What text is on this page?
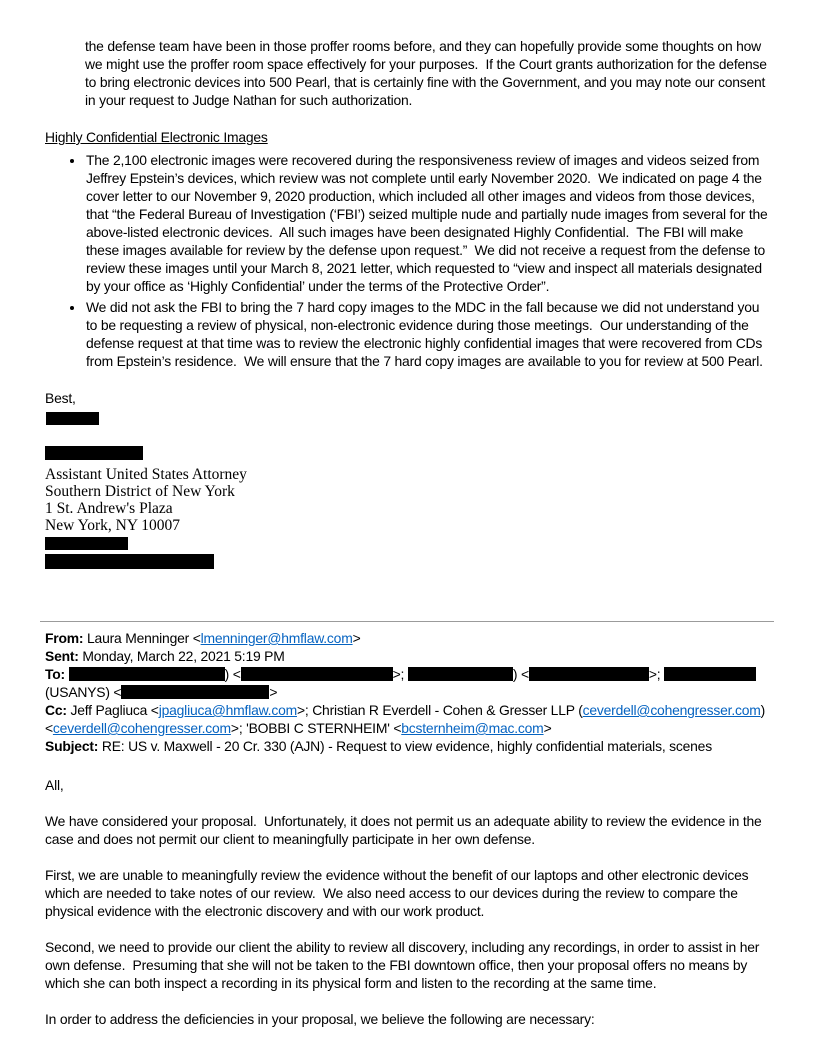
the defense team have been in those proffer rooms before, and they can hopefully provide some thoughts on how we might use the proffer room space effectively for your purposes.  If the Court grants authorization for the defense to bring electronic devices into 500 Pearl, that is certainly fine with the Government, and you may note our consent in your request to Judge Nathan for such authorization.

Highly Confidential Electronic Images
• The 2,100 electronic images were recovered during the responsiveness review of images and videos seized from Jeffrey Epstein’s devices, which review was not complete until early November 2020.  We indicated on page 4 the cover letter to our November 9, 2020 production, which included all other images and videos from those devices, that “the Federal Bureau of Investigation (‘FBI’) seized multiple nude and partially nude images from several for the above-listed electronic devices.  All such images have been designated Highly Confidential.  The FBI will make these images available for review by the defense upon request.”  We did not receive a request from the defense to review these images until your March 8, 2021 letter, which requested to “view and inspect all materials designated by your office as ‘Highly Confidential’ under the terms of the Protective Order”.
• We did not ask the FBI to bring the 7 hard copy images to the MDC in the fall because we did not understand you to be requesting a review of physical, non-electronic evidence during those meetings.  Our understanding of the defense request at that time was to review the electronic highly confidential images that were recovered from CDs from Epstein’s residence.  We will ensure that the 7 hard copy images are available to you for review at 500 Pearl.

Best,

Assistant United States Attorney
Southern District of New York
1 St. Andrew's Plaza
New York, NY 10007
From: Laura Menninger <lmenninger@hmflaw.com>
Sent: Monday, March 22, 2021 5:19 PM
To:	) <	>;	) <	>;
(USANYS) <	>
Cc: Jeff Pagliuca <jpagliuca@hmflaw.com>; Christian R Everdell - Cohen & Gresser LLP (ceverdell@cohengresser.com)
<ceverdell@cohengresser.com>; 'BOBBI C STERNHEIM' <bcsternheim@mac.com>
Subject: RE: US v. Maxwell - 20 Cr. 330 (AJN) - Request to view evidence, highly confidential materials, scenes

All,

We have considered your proposal.  Unfortunately, it does not permit us an adequate ability to review the evidence in the case and does not permit our client to meaningfully participate in her own defense.

First, we are unable to meaningfully review the evidence without the benefit of our laptops and other electronic devices which are needed to take notes of our review.  We also need access to our devices during the review to compare the physical evidence with the electronic discovery and with our work product.

Second, we need to provide our client the ability to review all discovery, including any recordings, in order to assist in her own defense.  Presuming that she will not be taken to the FBI downtown office, then your proposal offers no means by which she can both inspect a recording in its physical form and listen to the recording at the same time.

In order to address the deficiencies in your proposal, we believe the following are necessary:
